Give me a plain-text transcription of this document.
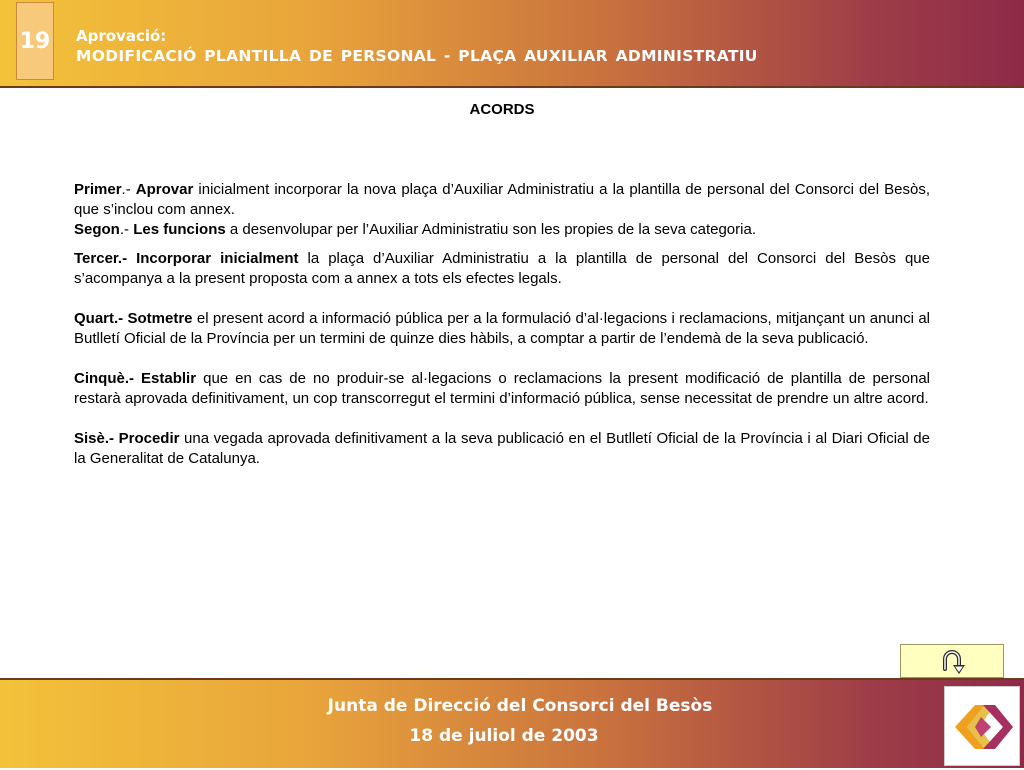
19 Aprovació:
MODIFICACIÓ PLANTILLA DE PERSONAL - PLAÇA AUXILIAR ADMINISTRATIU
ACORDS

Primer.- Aprovar inicialment incorporar la nova plaça d’Auxiliar Administratiu a la plantilla de personal del Consorci del Besòs, que s’inclou com annex.

Segon.- Les funcions a desenvolupar per l’Auxiliar Administratiu son les propies de la seva categoria.

Tercer.- Incorporar inicialment la plaça d’Auxiliar Administratiu a la plantilla de personal del Consorci del Besòs que s’acompanya a la present proposta com a annex a tots els efectes legals.

Quart.- Sotmetre el present acord a informació pública per a la formulació d’al·legacions i reclamacions, mitjançant un anunci al Butlletí Oficial de la Província per un termini de quinze dies hàbils, a comptar a partir de l’endemà de la seva publicació.

Cinquè.- Establir que en cas de no produir-se al·legacions o reclamacions la present modificació de plantilla de personal restarà aprovada definitivament, un cop transcorregut el termini d’informació pública, sense necessitat de prendre un altre acord.

Sisè.- Procedir una vegada aprovada definitivament a la seva publicació en el Butlletí Oficial de la Província i al Diari Oficial de la Generalitat de Catalunya.

Junta de Direcció del Consorci del Besòs
18 de juliol de 2003
